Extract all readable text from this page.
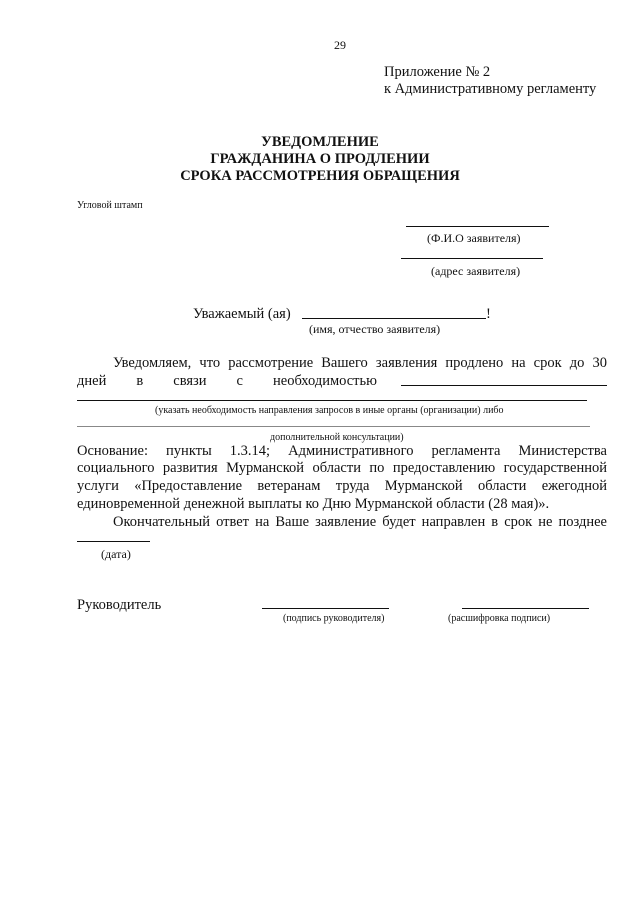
29
Приложение № 2
к Административному регламенту
УВЕДОМЛЕНИЕ
ГРАЖДАНИНА О ПРОДЛЕНИИ
СРОКА РАССМОТРЕНИЯ ОБРАЩЕНИЯ
Угловой штамп
(Ф.И.О заявителя)
(адрес заявителя)
Уважаемый (ая)	!
(имя, отчество заявителя)
Уведомляем, что рассмотрение Вашего заявления продлено на срок до 30
дней в связи с необходимостью
(указать необходимость направления запросов в иные органы (организации) либо
дополнительной консультации)
Основание: пункты 1.3.14; Административного регламента Министерства
социального развития Мурманской области по предоставлению государственной
услуги «Предоставление ветеранам труда Мурманской области ежегодной
единовременной денежной выплаты ко Дню Мурманской области (28 мая)».
Окончательный ответ на Ваше заявление будет направлен в срок не позднее
(дата)
Руководитель
(подпись руководителя)	(расшифровка подписи)
